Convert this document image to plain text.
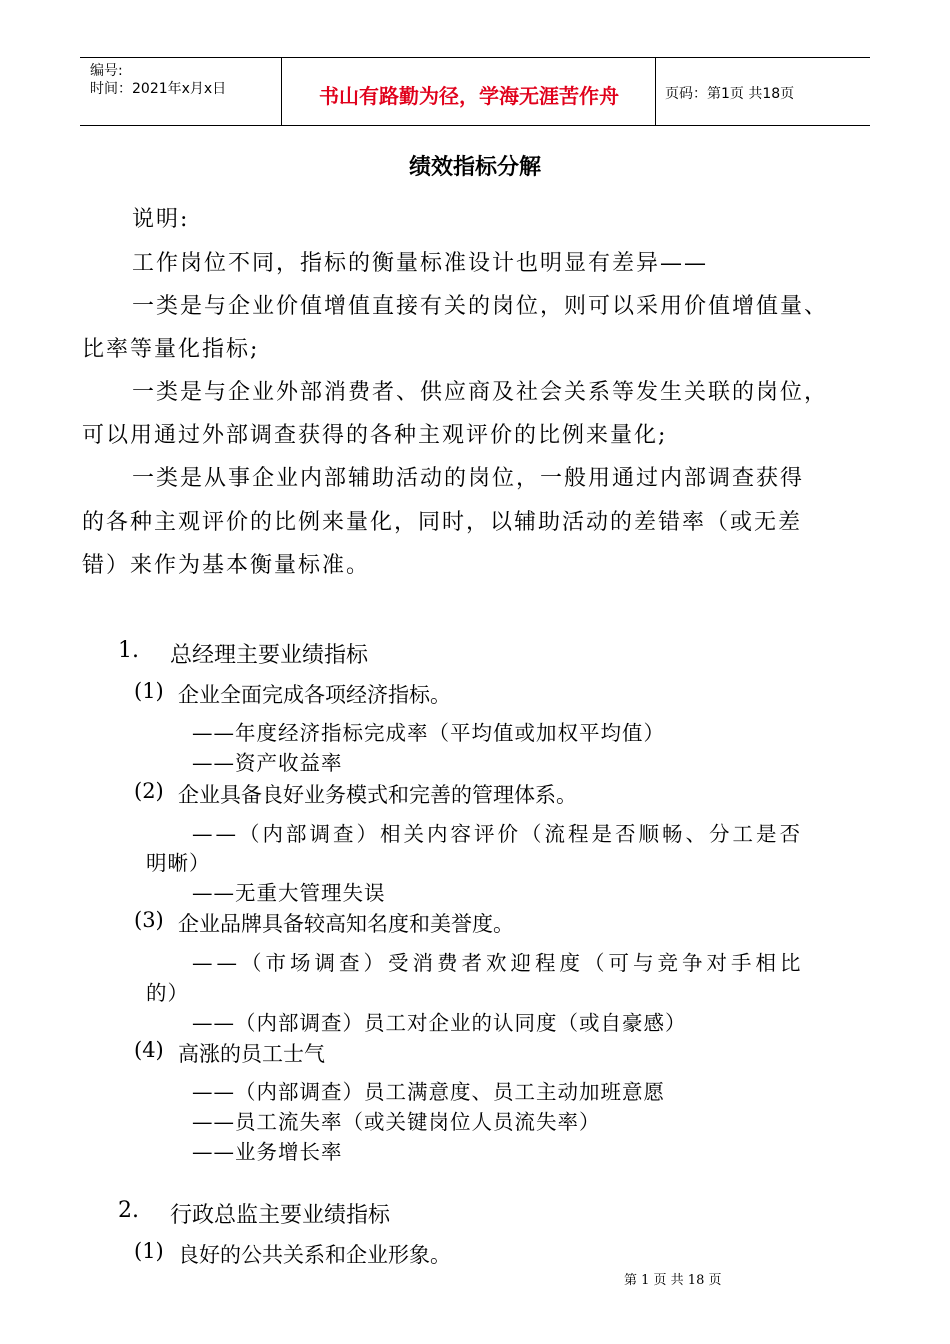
编号:
时间：2021年x月x日	书山有路勤为径，学海无涯苦作舟	页码：第1页 共18页
绩效指标分解
说明:
工作岗位不同，指标的衡量标准设计也明显有差异——
一类是与企业价值增值直接有关的岗位，则可以采用价值增值量、
比率等量化指标;
一类是与企业外部消费者、供应商及社会关系等发生关联的岗位，
可以用通过外部调查获得的各种主观评价的比例来量化;
一类是从事企业内部辅助活动的岗位，一般用通过内部调查获得
的各种主观评价的比例来量化，同时，以辅助活动的差错率（或无差
错）来作为基本衡量标准。
1. 总经理主要业绩指标
(1) 企业全面完成各项经济指标。
——年度经济指标完成率（平均值或加权平均值）
——资产收益率
(2) 企业具备良好业务模式和完善的管理体系。
——（内部调查）相关内容评价（流程是否顺畅、分工是否
明晰）
——无重大管理失误
(3) 企业品牌具备较高知名度和美誉度。
——（市场调查）受消费者欢迎程度（可与竞争对手相比
的）
——（内部调查）员工对企业的认同度（或自豪感）
(4) 高涨的员工士气
——（内部调查）员工满意度、员工主动加班意愿
——员工流失率（或关键岗位人员流失率）
——业务增长率
2. 行政总监主要业绩指标
(1) 良好的公共关系和企业形象。
第 1 页 共 18 页
